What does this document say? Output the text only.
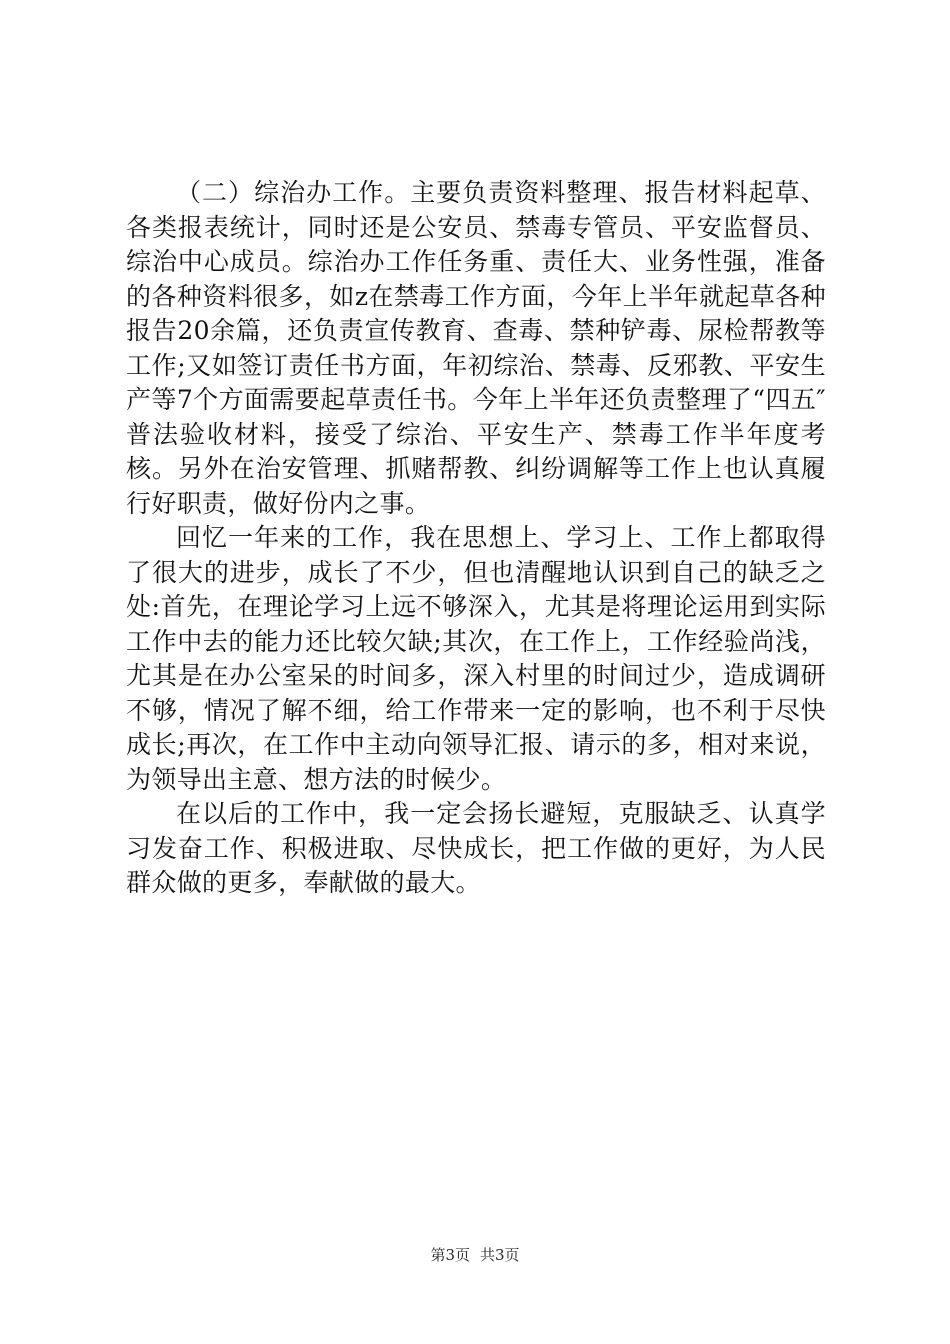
（二）综治办工作。主要负责资料整理、报告材料起草、各类报表统计，同时还是公安员、禁毒专管员、平安监督员、综治中心成员。综治办工作任务重、责任大、业务性强，准备的各种资料很多，如z在禁毒工作方面，今年上半年就起草各种报告20余篇，还负责宣传教育、查毒、禁种铲毒、尿检帮教等工作;又如签订责任书方面，年初综治、禁毒、反邪教、平安生产等7个方面需要起草责任书。今年上半年还负责整理了“四五″普法验收材料，接受了综治、平安生产、禁毒工作半年度考核。另外在治安管理、抓赌帮教、纠纷调解等工作上也认真履行好职责，做好份内之事。

回忆一年来的工作，我在思想上、学习上、工作上都取得了很大的进步，成长了不少，但也清醒地认识到自己的缺乏之处:首先，在理论学习上远不够深入，尤其是将理论运用到实际工作中去的能力还比较欠缺;其次，在工作上，工作经验尚浅，尤其是在办公室呆的时间多，深入村里的时间过少，造成调研不够，情况了解不细，给工作带来一定的影响，也不利于尽快成长;再次，在工作中主动向领导汇报、请示的多，相对来说，为领导出主意、想方法的时候少。

在以后的工作中，我一定会扬长避短，克服缺乏、认真学习发奋工作、积极进取、尽快成长，把工作做的更好，为人民群众做的更多，奉献做的最大。

第3页 共3页
